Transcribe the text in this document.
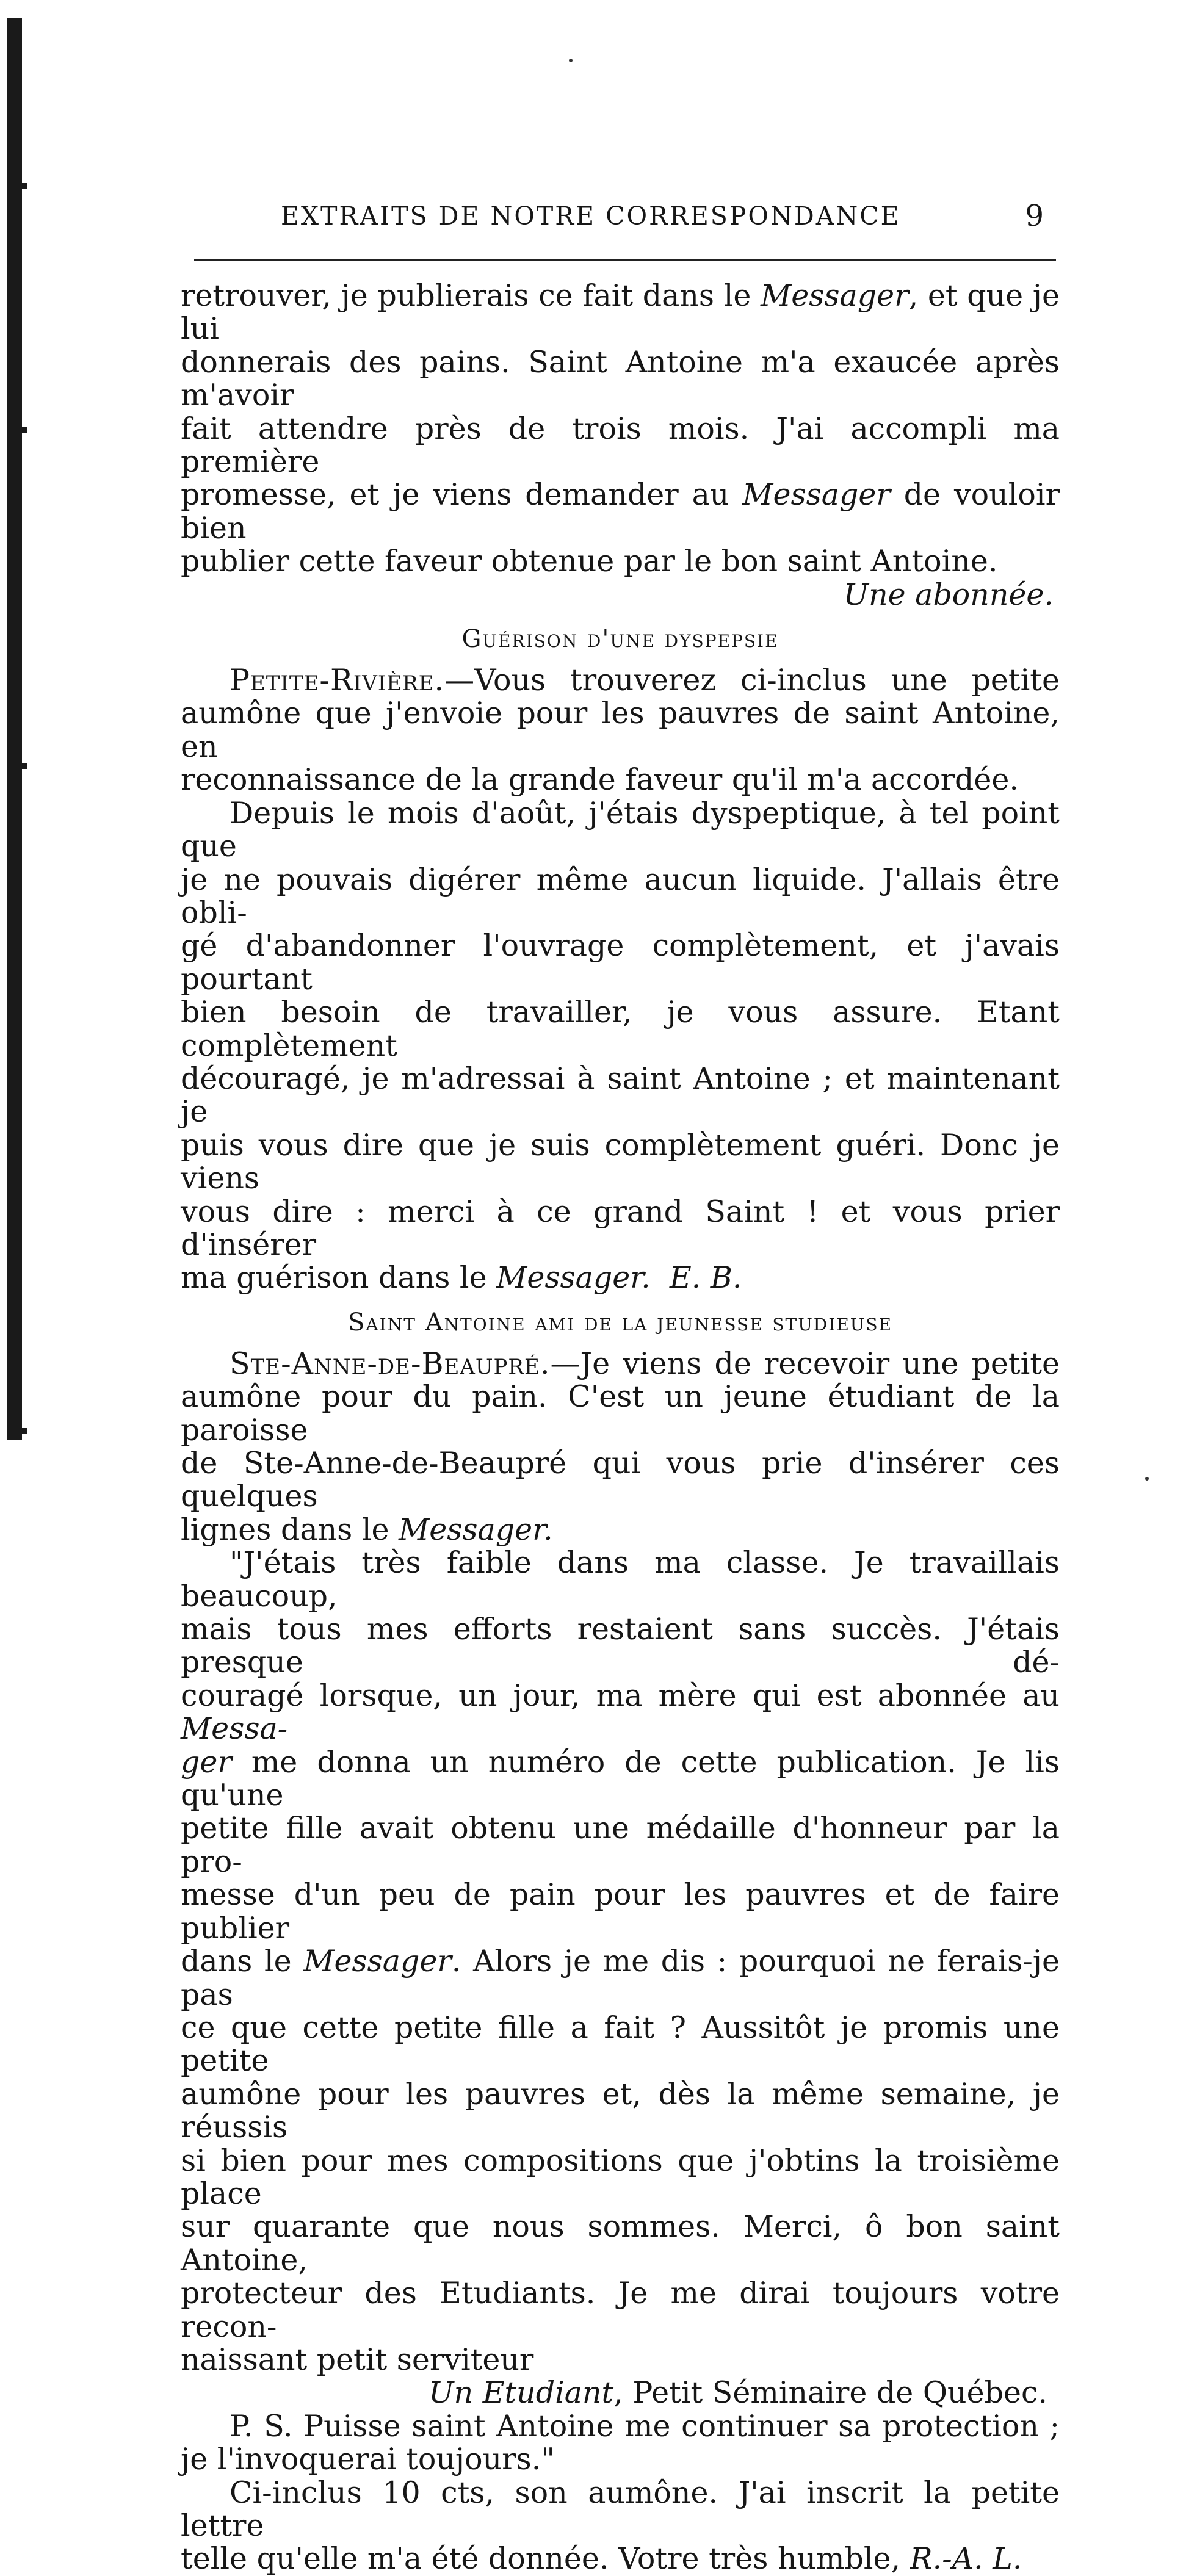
EXTRAITS DE NOTRE CORRESPONDANCE	9

retrouver, je publierais ce fait dans le Messager, et que je lui

donnerais des pains. Saint Antoine m'a exaucée après m'avoir

fait attendre près de trois mois. J'ai accompli ma première

promesse, et je viens demander au Messager de vouloir bien

publier cette faveur obtenue par le bon saint Antoine.

Une abonnée.
Guérison d'une dyspepsie

Petite-Rivière.—Vous trouverez ci-inclus une petite

aumône que j'envoie pour les pauvres de saint Antoine, en

reconnaissance de la grande faveur qu'il m'a accordée.

Depuis le mois d'août, j'étais dyspeptique, à tel point que

je ne pouvais digérer même aucun liquide. J'allais être obli-

gé d'abandonner l'ouvrage complètement, et j'avais pourtant

bien besoin de travailler, je vous assure. Etant complètement

découragé, je m'adressai à saint Antoine ; et maintenant je

puis vous dire que je suis complètement guéri. Donc je viens

vous dire : merci à ce grand Saint ! et vous prier d'insérer

ma guérison dans le Messager. E. B.

Saint Antoine ami de la jeunesse studieuse

Ste-Anne-de-Beaupré.—Je viens de recevoir une petite

aumône pour du pain. C'est un jeune étudiant de la paroisse

de Ste-Anne-de-Beaupré qui vous prie d'insérer ces quelques

lignes dans le Messager.

"J'étais très faible dans ma classe. Je travaillais beaucoup,

mais tous mes efforts restaient sans succès. J'étais presque dé-

couragé lorsque, un jour, ma mère qui est abonnée au Messa-

ger me donna un numéro de cette publication. Je lis qu'une

petite fille avait obtenu une médaille d'honneur par la pro-

messe d'un peu de pain pour les pauvres et de faire publier

dans le Messager. Alors je me dis : pourquoi ne ferais-je pas

ce que cette petite fille a fait ? Aussitôt je promis une petite

aumône pour les pauvres et, dès la même semaine, je réussis

si bien pour mes compositions que j'obtins la troisième place

sur quarante que nous sommes. Merci, ô bon saint Antoine,

protecteur des Etudiants. Je me dirai toujours votre recon-

naissant petit serviteur

Un Etudiant, Petit Séminaire de Québec.

P. S. Puisse saint Antoine me continuer sa protection ;

je l'invoquerai toujours."

Ci-inclus 10 cts, son aumône. J'ai inscrit la petite lettre

telle qu'elle m'a été donnée. Votre très humble, R.-A. L.
